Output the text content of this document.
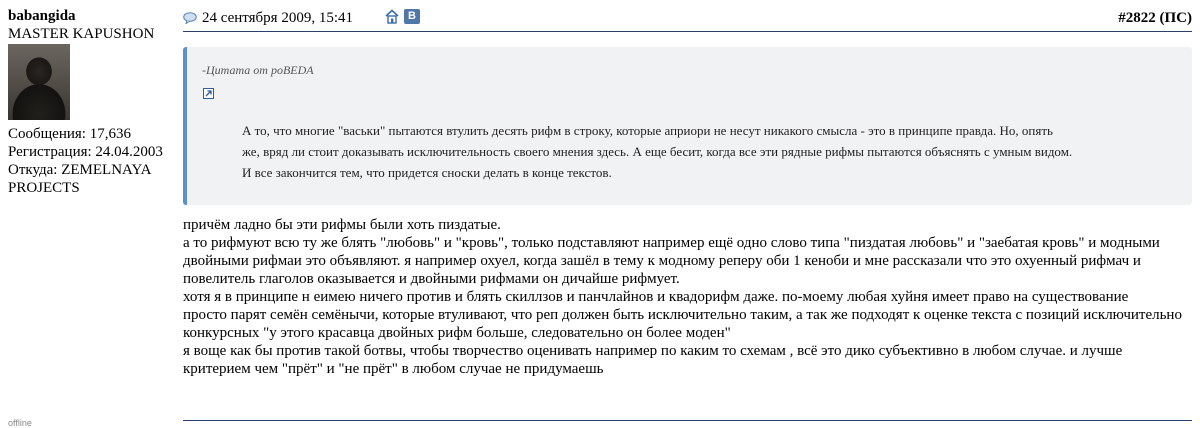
babangida
MASTER KAPUSHON
Сообщения: 17,636
Регистрация: 24.04.2003
Откуда: ZEMELNAYA PROJECTS
offline
24 сентября 2009, 15:41	В	#2822 (ПС)
-Цитата от poBEDA
А то, что многие "васьки" пытаются втулить десять рифм в строку, которые априори не несут никакого смысла - это в принципе правда. Но, опять
же, вряд ли стоит доказывать исключительность своего мнения здесь. А еще бесит, когда все эти рядные рифмы пытаются объяснять с умным видом.
И все закончится тем, что придется сноски делать в конце текстов.

причём ладно бы эти рифмы были хоть пиздатые.

а то рифмуют всю ту же блять "любовь" и "кровь", только подставляют например ещё одно слово типа "пиздатая любовь" и "заебатая кровь" и модными двойными рифмаи это объявляют. я например охуел, когда зашёл в тему к модному реперу оби 1 кеноби и мне рассказали что это охуенный рифмач и повелитель глаголов оказывается и двойными рифмами он дичайше рифмует.

хотя я в принципе н еимею ничего против и блять скиллзов и панчлайнов и квадорифм даже. по-моему любая хуйня имеет право на существование

просто парят семён семёнычи, которые втуливают, что реп должен быть исключительно таким, а так же подходят к оценке текста с позиций исключительно конкурсных "у этого красавца двойных рифм больше, следовательно он более моден"

я воще как бы против такой ботвы, чтобы творчество оценивать например по каким то схемам , всё это дико субъективно в любом случае. и лучше критерием чем "прёт" и "не прёт" в любом случае не придумаешь
